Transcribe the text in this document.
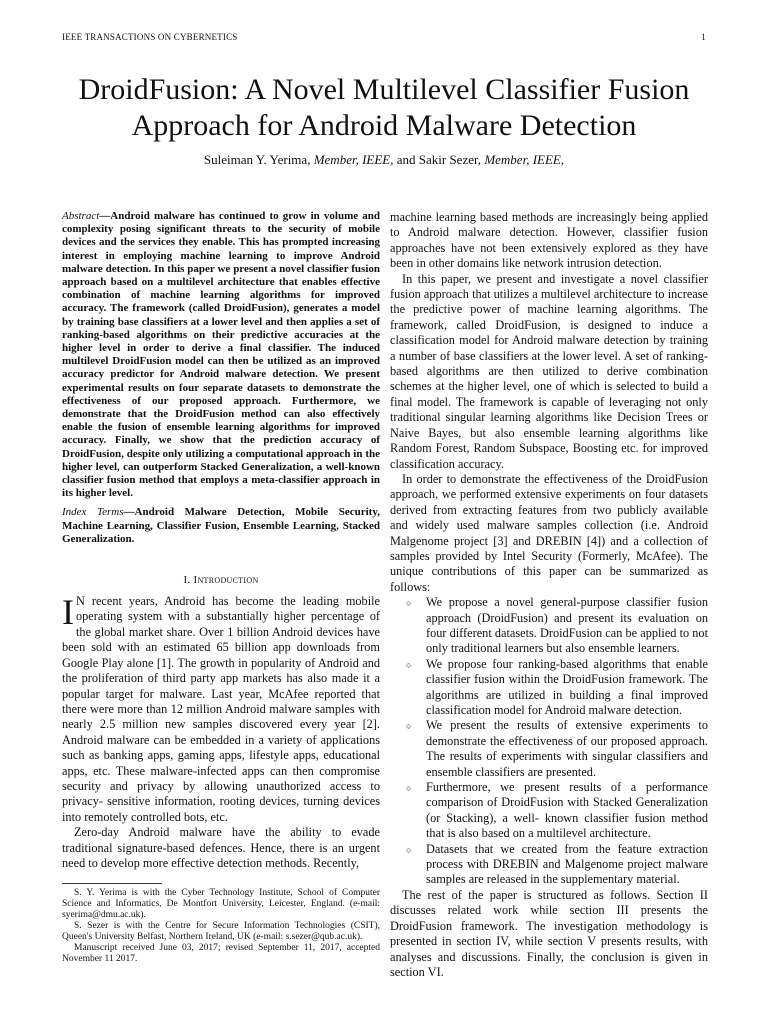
IEEE TRANSACTIONS ON CYBERNETICS	1
DroidFusion: A Novel Multilevel Classifier Fusion
Approach for Android Malware Detection
Suleiman Y. Yerima, Member, IEEE, and Sakir Sezer, Member, IEEE,
Abstract—Android malware has continued to grow in volume and complexity posing significant threats to the security of mobile devices and the services they enable. This has prompted increasing interest in employing machine learning to improve Android malware detection. In this paper we present a novel classifier fusion approach based on a multilevel architecture that enables effective combination of machine learning algorithms for improved accuracy. The framework (called DroidFusion), generates a model by training base classifiers at a lower level and then applies a set of ranking-based algorithms on their predictive accuracies at the higher level in order to derive a final classifier. The induced multilevel DroidFusion model can then be utilized as an improved accuracy predictor for Android malware detection. We present experimental results on four separate datasets to demonstrate the effectiveness of our proposed approach. Furthermore, we demonstrate that the DroidFusion method can also effectively enable the fusion of ensemble learning algorithms for improved accuracy. Finally, we show that the prediction accuracy of DroidFusion, despite only utilizing a computational approach in the higher level, can outperform Stacked Generalization, a well-known classifier fusion method that employs a meta-classifier approach in its higher level.
Index Terms—Android Malware Detection, Mobile Security, Machine Learning, Classifier Fusion, Ensemble Learning, Stacked Generalization.
I. Introduction

I N recent years, Android has become the leading mobile operating system with a substantially higher percentage of the global market share. Over 1 billion Android devices have been sold with an estimated 65 billion app downloads from Google Play alone [1]. The growth in popularity of Android and the proliferation of third party app markets has also made it a popular target for malware. Last year, McAfee reported that there were more than 12 million Android malware samples with nearly 2.5 million new samples discovered every year [2]. Android malware can be embedded in a variety of applications such as banking apps, gaming apps, lifestyle apps, educational apps, etc. These malware-infected apps can then compromise security and privacy by allowing unauthorized access to privacy- sensitive information, rooting devices, turning devices into remotely controlled bots, etc.

Zero-day Android malware have the ability to evade traditional signature-based defences. Hence, there is an urgent need to develop more effective detection methods. Recently,

S. Y. Yerima is with the Cyber Technology Institute, School of Computer Science and Informatics, De Montfort University, Leicester, England. (e-mail: syerima@dmu.ac.uk).

S. Sezer is with the Centre for Secure Information Technologies (CSIT), Queen's University Belfast, Northern Ireland, UK (e-mail: s.sezer@qub.ac.uk).

Manuscript received June 03, 2017; revised September 11, 2017, accepted November 11 2017.

machine learning based methods are increasingly being applied to Android malware detection. However, classifier fusion approaches have not been extensively explored as they have been in other domains like network intrusion detection.

In this paper, we present and investigate a novel classifier fusion approach that utilizes a multilevel architecture to increase the predictive power of machine learning algorithms. The framework, called DroidFusion, is designed to induce a classification model for Android malware detection by training a number of base classifiers at the lower level. A set of ranking-based algorithms are then utilized to derive combination schemes at the higher level, one of which is selected to build a final model. The framework is capable of leveraging not only traditional singular learning algorithms like Decision Trees or Naive Bayes, but also ensemble learning algorithms like Random Forest, Random Subspace, Boosting etc. for improved classification accuracy.

In order to demonstrate the effectiveness of the DroidFusion approach, we performed extensive experiments on four datasets derived from extracting features from two publicly available and widely used malware samples collection (i.e. Android Malgenome project [3] and DREBIN [4]) and a collection of samples provided by Intel Security (Formerly, McAfee). The unique contributions of this paper can be summarized as follows:

○ We propose a novel general-purpose classifier fusion approach (DroidFusion) and present its evaluation on four different datasets. DroidFusion can be applied to not only traditional learners but also ensemble learners.
○ We propose four ranking-based algorithms that enable classifier fusion within the DroidFusion framework. The algorithms are utilized in building a final improved classification model for Android malware detection.
○ We present the results of extensive experiments to demonstrate the effectiveness of our proposed approach. The results of experiments with singular classifiers and ensemble classifiers are presented.
○ Furthermore, we present results of a performance comparison of DroidFusion with Stacked Generalization (or Stacking), a well- known classifier fusion method that is also based on a multilevel architecture.
○ Datasets that we created from the feature extraction process with DREBIN and Malgenome project malware samples are released in the supplementary material.

The rest of the paper is structured as follows. Section II discusses related work while section III presents the DroidFusion framework. The investigation methodology is presented in section IV, while section V presents results, with analyses and discussions. Finally, the conclusion is given in section VI.
